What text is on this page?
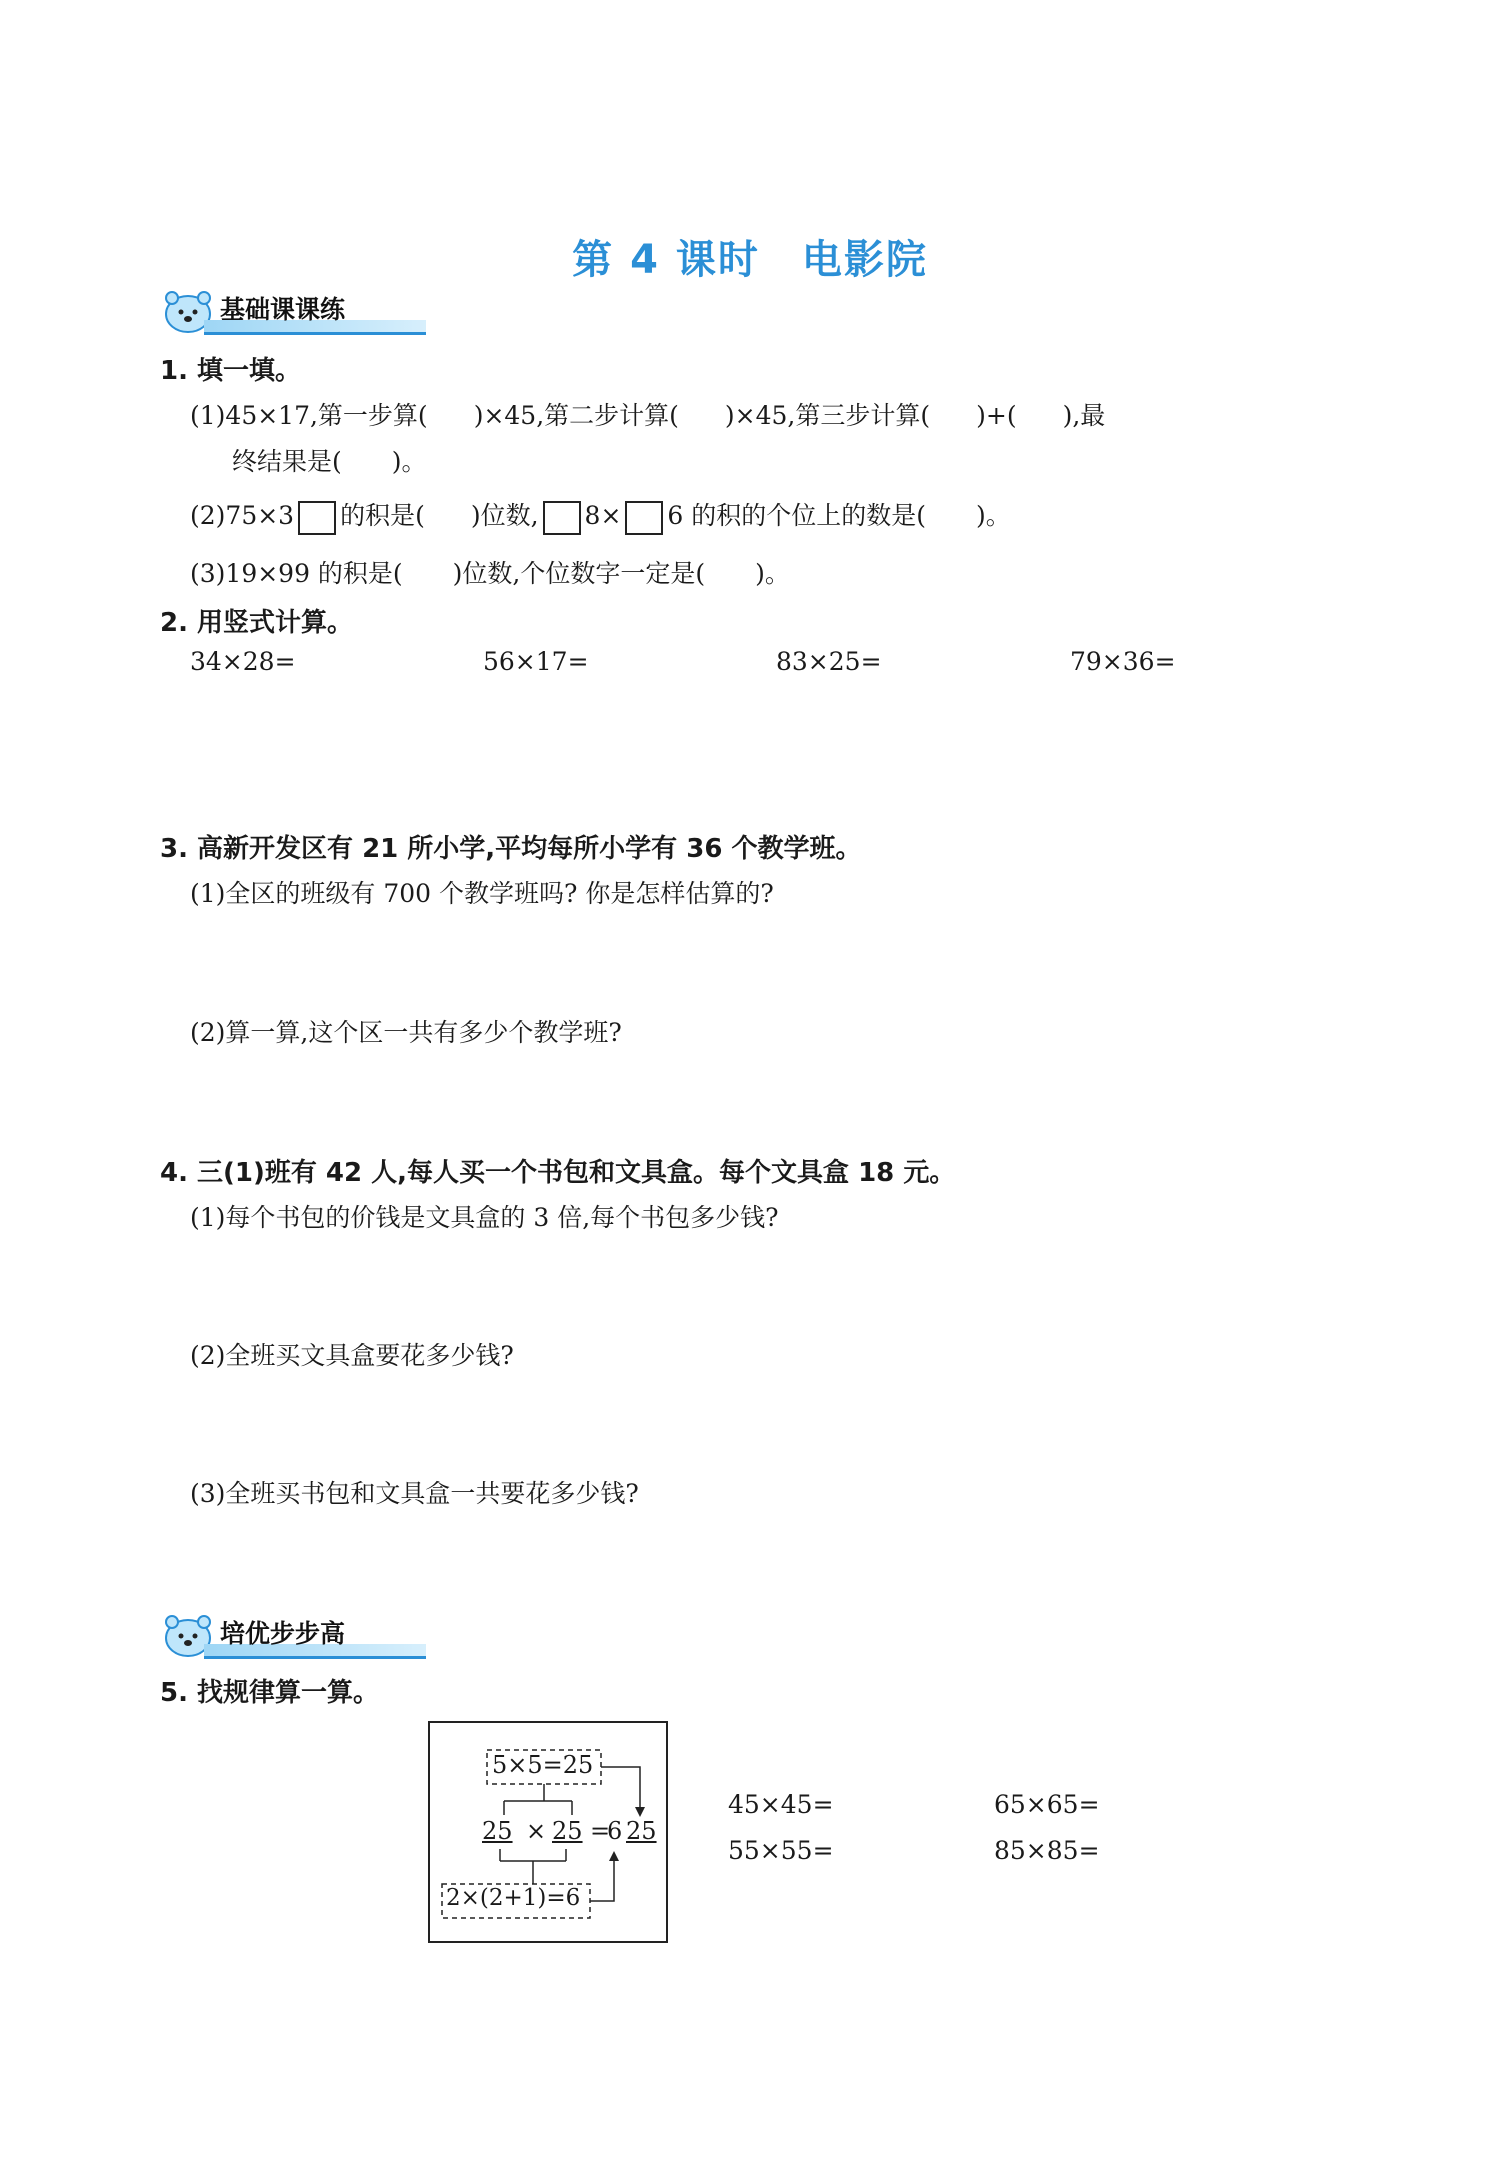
第 4 课时　电影院
基础课课练
1. 填一填。
(1)45×17,第一步算( )×45,第二步计算( )×45,第三步计算( )+( ),最
终结果是(　　)。
(2)75×3 的积是( )位数, 8× 6 的积的个位上的数是(　　)。
(3)19×99 的积是(　　)位数,个位数字一定是(　　)。
2. 用竖式计算。
34×28=	56×17=	83×25=	79×36=
3. 高新开发区有 21 所小学,平均每所小学有 36 个教学班。
(1)全区的班级有 700 个教学班吗? 你是怎样估算的?
(2)算一算,这个区一共有多少个教学班?
4. 三(1)班有 42 人,每人买一个书包和文具盒。每个文具盒 18 元。
(1)每个书包的价钱是文具盒的 3 倍,每个书包多少钱?
(2)全班买文具盒要花多少钱?
(3)全班买书包和文具盒一共要花多少钱?
培优步步高
5. 找规律算一算。
5×5=25
25 × 25 =
6 25
2×(2+1)=6
45×45=	65×65=
55×55=	85×85=
